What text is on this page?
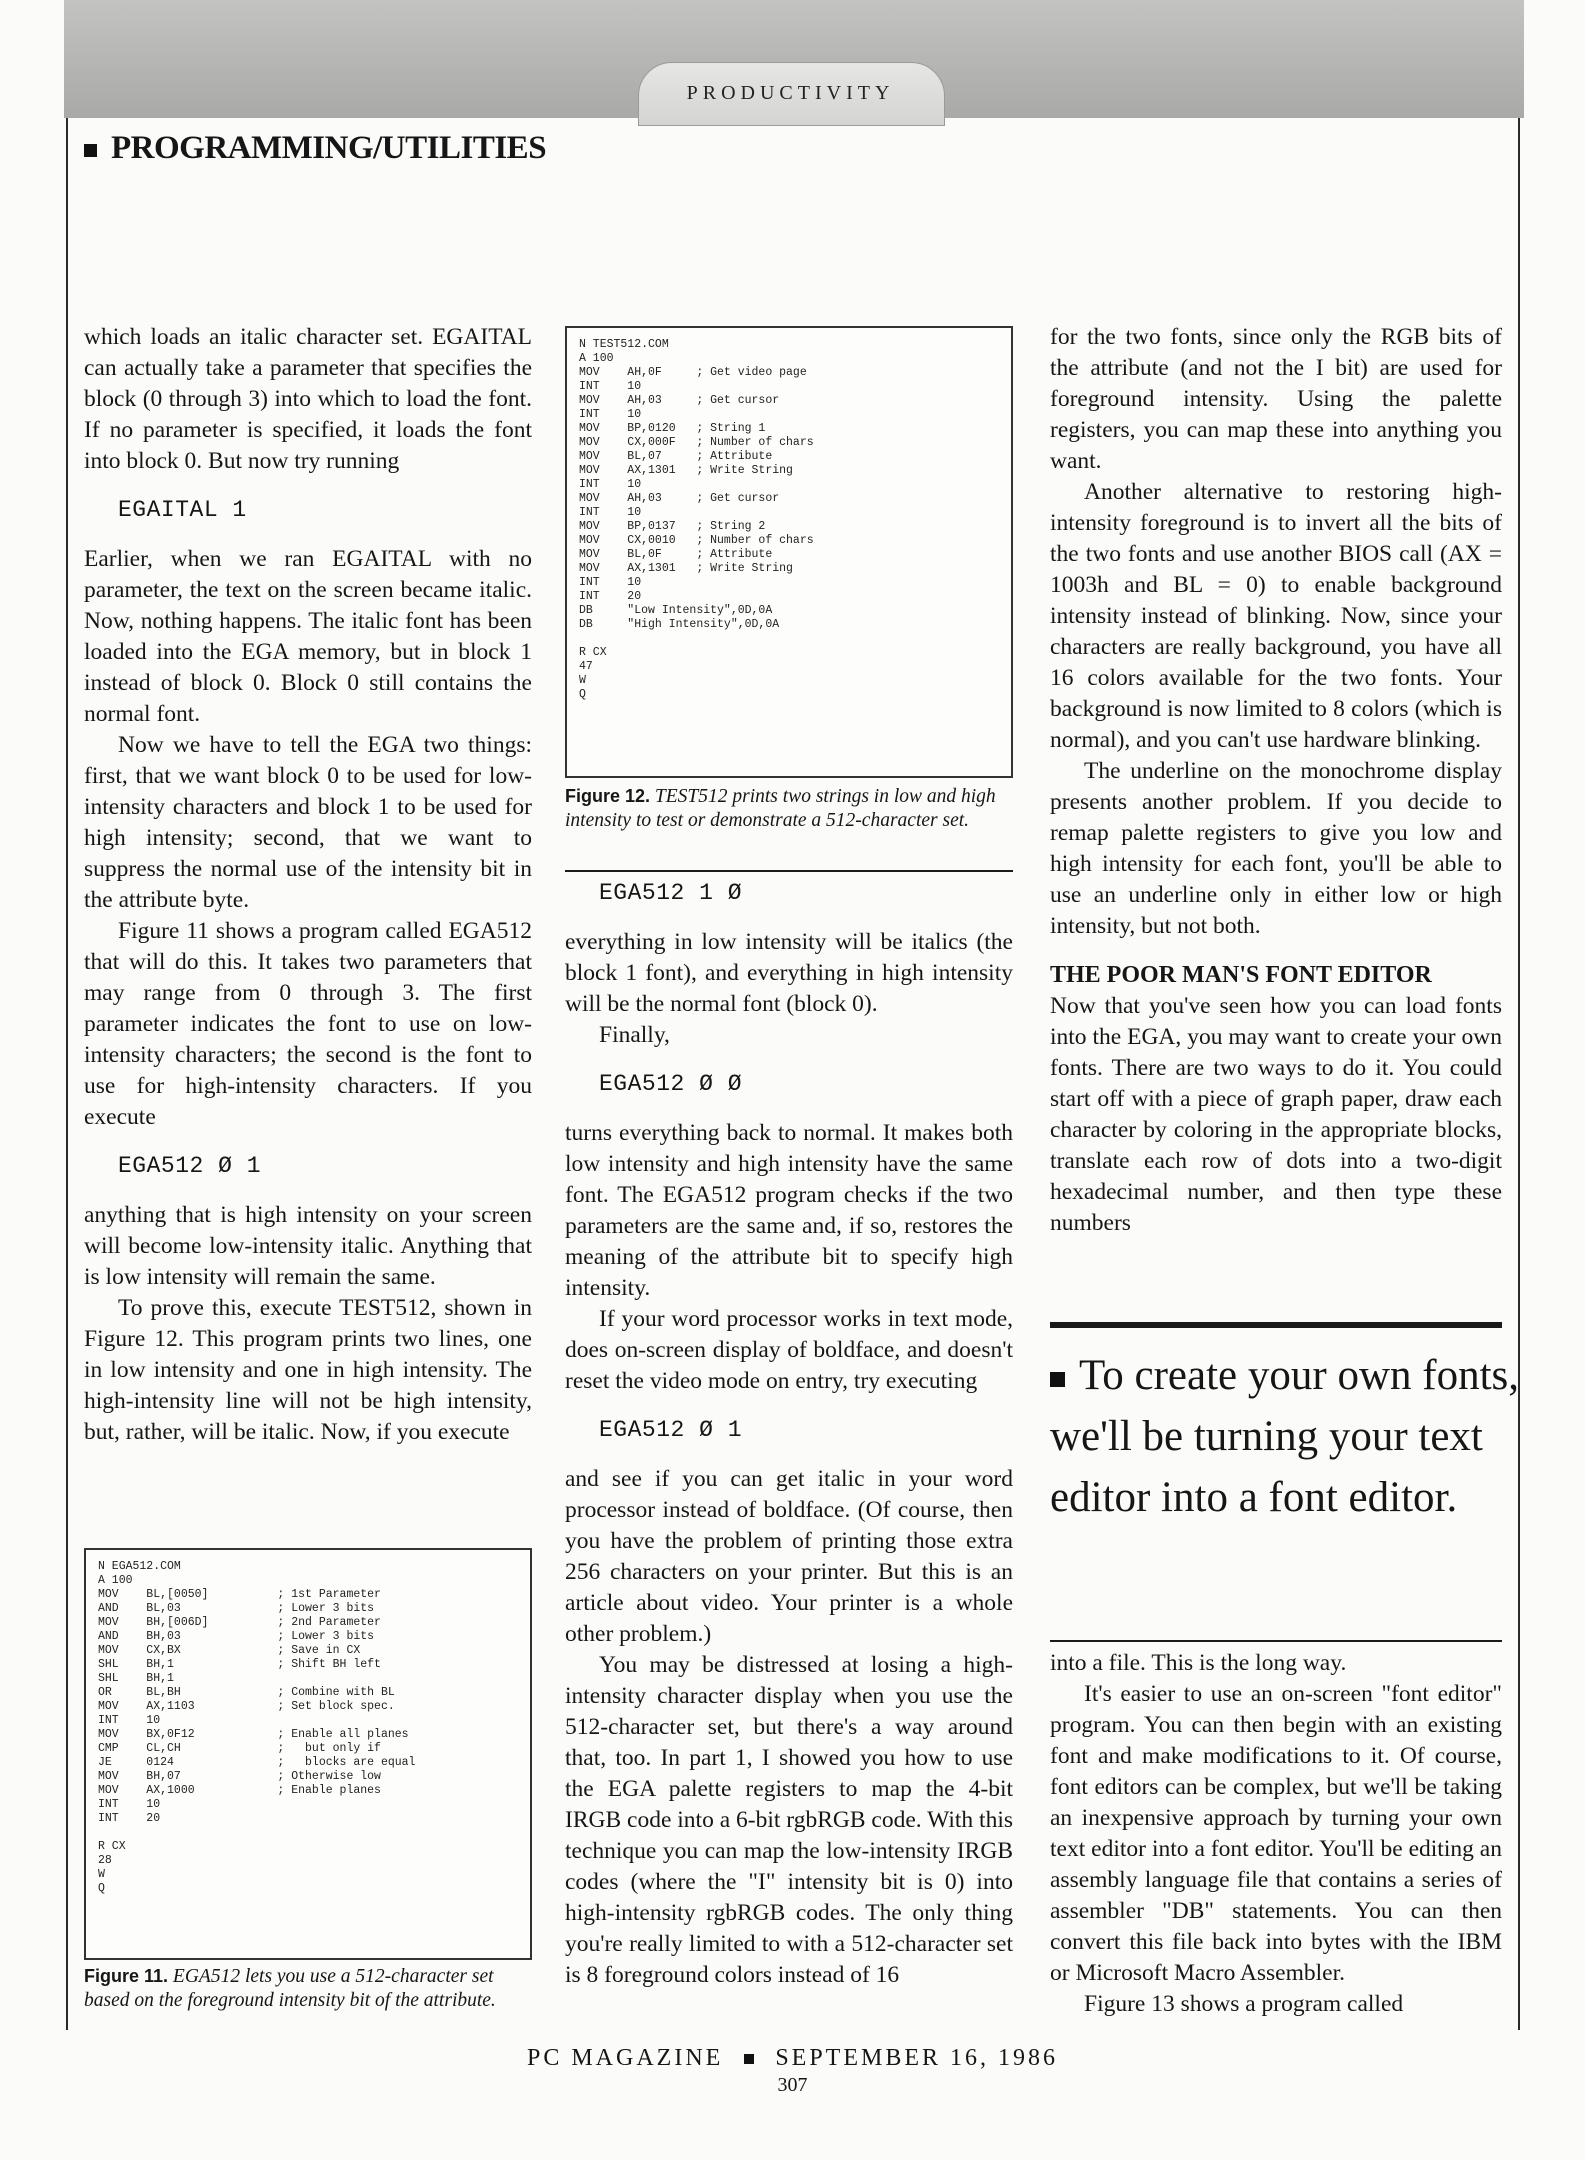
PRODUCTIVITY
PROGRAMMING/UTILITIES

which loads an italic character set. EGAITAL can actually take a parameter that specifies the block (0 through 3) into which to load the font. If no parameter is specified, it loads the font into block 0. But now try running

EGAITAL 1

Earlier, when we ran EGAITAL with no parameter, the text on the screen became italic. Now, nothing happens. The italic font has been loaded into the EGA memory, but in block 1 instead of block 0. Block 0 still contains the normal font.

Now we have to tell the EGA two things: first, that we want block 0 to be used for low-intensity characters and block 1 to be used for high intensity; second, that we want to suppress the normal use of the intensity bit in the attribute byte.

Figure 11 shows a program called EGA512 that will do this. It takes two parameters that may range from 0 through 3. The first parameter indicates the font to use on low-intensity characters; the second is the font to use for high-intensity characters. If you execute

EGA512 Ø 1

anything that is high intensity on your screen will become low-intensity italic. Anything that is low intensity will remain the same.

To prove this, execute TEST512, shown in Figure 12. This program prints two lines, one in low intensity and one in high intensity. The high-intensity line will not be high intensity, but, rather, will be italic. Now, if you execute

N EGA512.COM
A 100
MOV    BL,[0050]          ; 1st Parameter
AND    BL,03              ; Lower 3 bits
MOV    BH,[006D]          ; 2nd Parameter
AND    BH,03              ; Lower 3 bits
MOV    CX,BX              ; Save in CX
SHL    BH,1               ; Shift BH left
SHL    BH,1
OR     BL,BH              ; Combine with BL
MOV    AX,1103            ; Set block spec.
INT    10
MOV    BX,0F12            ; Enable all planes
CMP    CL,CH              ;   but only if
JE     0124               ;   blocks are equal
MOV    BH,07              ; Otherwise low
MOV    AX,1000            ; Enable planes
INT    10
INT    20

R CX
28
W
Q
Figure 11. EGA512 lets you use a 512-character set based on the foreground intensity bit of the attribute.
N TEST512.COM
A 100
MOV    AH,0F     ; Get video page
INT    10
MOV    AH,03     ; Get cursor
INT    10
MOV    BP,0120   ; String 1
MOV    CX,000F   ; Number of chars
MOV    BL,07     ; Attribute
MOV    AX,1301   ; Write String
INT    10
MOV    AH,03     ; Get cursor
INT    10
MOV    BP,0137   ; String 2
MOV    CX,0010   ; Number of chars
MOV    BL,0F     ; Attribute
MOV    AX,1301   ; Write String
INT    10
INT    20
DB     "Low Intensity",0D,0A
DB     "High Intensity",0D,0A

R CX
47
W
Q
Figure 12. TEST512 prints two strings in low and high intensity to test or demonstrate a 512-character set.
EGA512 1 Ø

everything in low intensity will be italics (the block 1 font), and everything in high intensity will be the normal font (block 0).

Finally,

EGA512 Ø Ø

turns everything back to normal. It makes both low intensity and high intensity have the same font. The EGA512 program checks if the two parameters are the same and, if so, restores the meaning of the attribute bit to specify high intensity.

If your word processor works in text mode, does on-screen display of boldface, and doesn't reset the video mode on entry, try executing

EGA512 Ø 1

and see if you can get italic in your word processor instead of boldface. (Of course, then you have the problem of printing those extra 256 characters on your printer. But this is an article about video. Your printer is a whole other problem.)

You may be distressed at losing a high-intensity character display when you use the 512-character set, but there's a way around that, too. In part 1, I showed you how to use the EGA palette registers to map the 4-bit IRGB code into a 6-bit rgbRGB code. With this technique you can map the low-intensity IRGB codes (where the "I" intensity bit is 0) into high-intensity rgbRGB codes. The only thing you're really limited to with a 512-character set is 8 foreground colors instead of 16

for the two fonts, since only the RGB bits of the attribute (and not the I bit) are used for foreground intensity. Using the palette registers, you can map these into anything you want.

Another alternative to restoring high-intensity foreground is to invert all the bits of the two fonts and use another BIOS call (AX = 1003h and BL = 0) to enable background intensity instead of blinking. Now, since your characters are really background, you have all 16 colors available for the two fonts. Your background is now limited to 8 colors (which is normal), and you can't use hardware blinking.

The underline on the monochrome display presents another problem. If you decide to remap palette registers to give you low and high intensity for each font, you'll be able to use an underline only in either low or high intensity, but not both.

THE POOR MAN'S FONT EDITOR

Now that you've seen how you can load fonts into the EGA, you may want to create your own fonts. There are two ways to do it. You could start off with a piece of graph paper, draw each character by coloring in the appropriate blocks, translate each row of dots into a two-digit hexadecimal number, and then type these numbers

To create your own fonts, we'll be turning your text editor into a font editor.

into a file. This is the long way.

It's easier to use an on-screen "font editor" program. You can then begin with an existing font and make modifications to it. Of course, font editors can be complex, but we'll be taking an inexpensive approach by turning your own text editor into a font editor. You'll be editing an assembly language file that contains a series of assembler "DB" statements. You can then convert this file back into bytes with the IBM or Microsoft Macro Assembler.

Figure 13 shows a program called

PC MAGAZINE SEPTEMBER 16, 1986
307
